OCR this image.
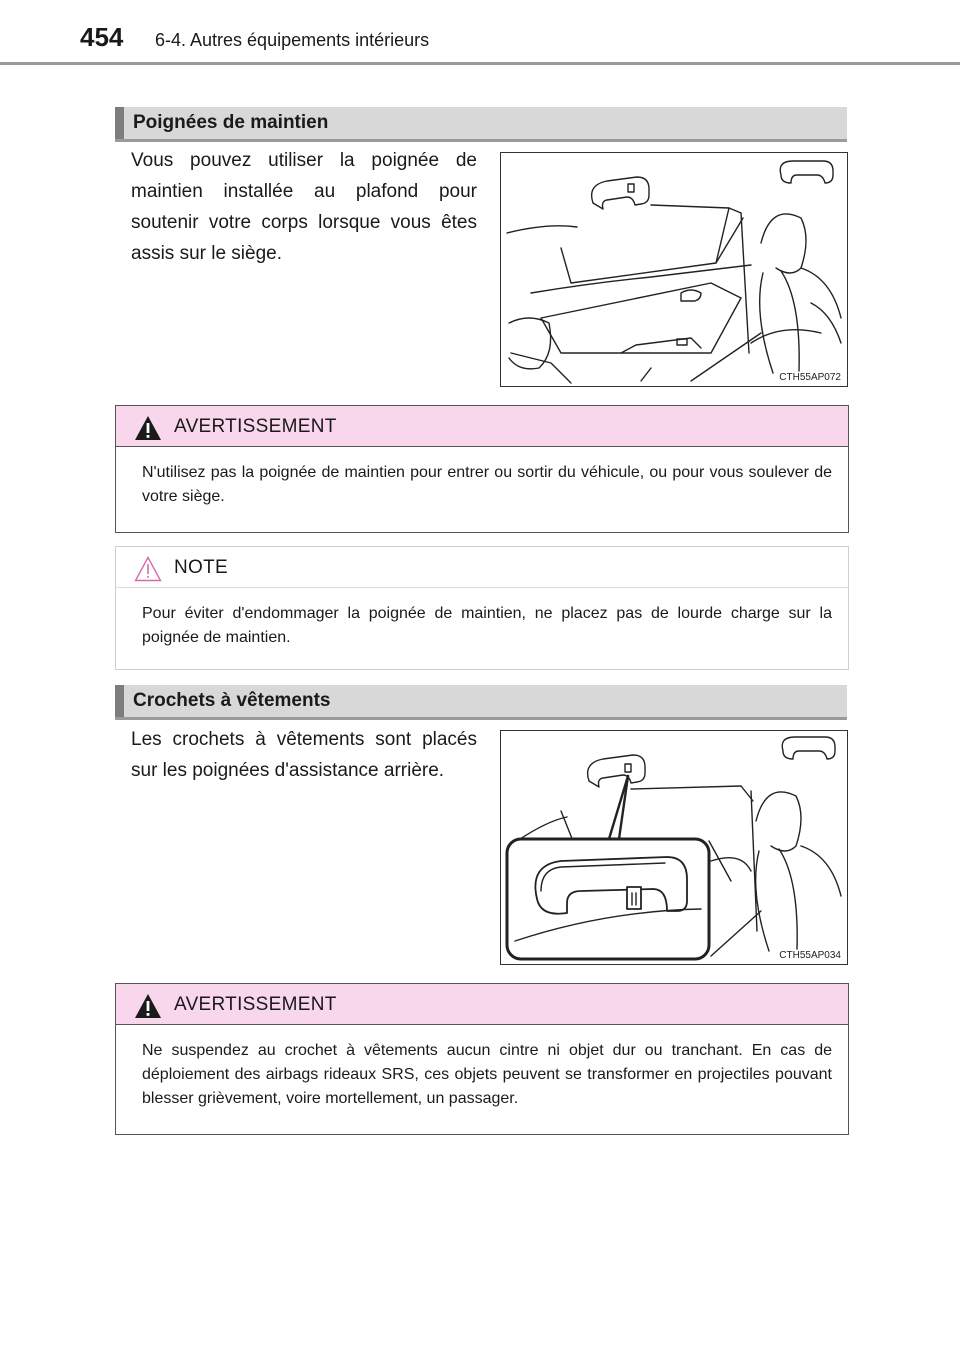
454 6-4. Autres équipements intérieurs
Poignées de maintien
Vous pouvez utiliser la poignée de maintien installée au plafond pour soutenir votre corps lorsque vous êtes assis sur le siège.
CTH55AP072
AVERTISSEMENT
N'utilisez pas la poignée de maintien pour entrer ou sortir du véhicule, ou pour vous soulever de votre siège.
NOTE
Pour éviter d'endommager la poignée de maintien, ne placez pas de lourde charge sur la poignée de maintien.
Crochets à vêtements
Les crochets à vêtements sont placés sur les poignées d'assistance arrière.
CTH55AP034
AVERTISSEMENT
Ne suspendez au crochet à vêtements aucun cintre ni objet dur ou tranchant. En cas de déploiement des airbags rideaux SRS, ces objets peuvent se transformer en projectiles pouvant blesser grièvement, voire mortellement, un passager.
